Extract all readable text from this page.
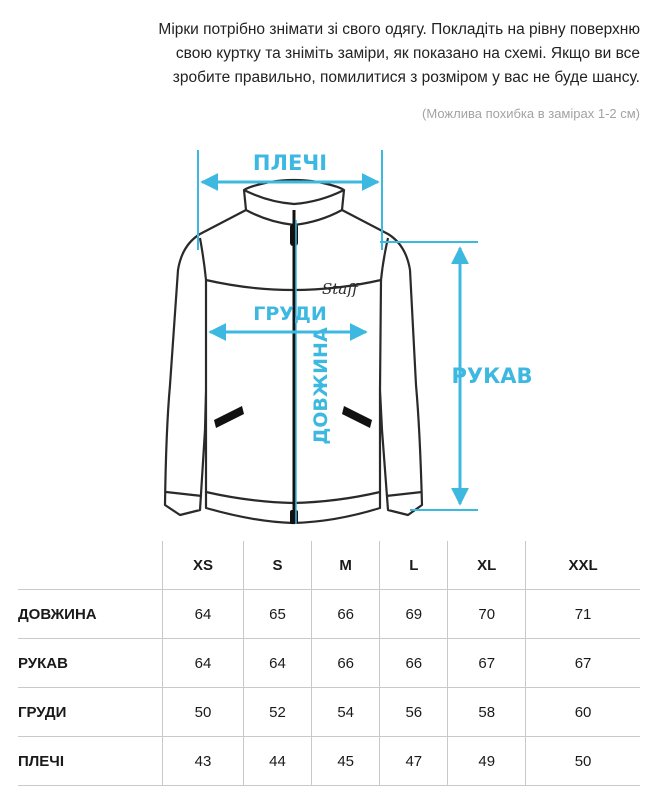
Мірки потрібно знімати зі свого одягу. Покладіть на рівну поверхню
свою куртку та зніміть заміри, як показано на схемі. Якщо ви все
зробите правильно, помилитися з розміром у вас не буде шансу.
(Можлива похибка в замірах 1-2 см)
Staff
ПЛЕЧІ
ГРУДИ
ДОВЖИНА	РУКАВ
	XS	S	M	L	XL	XXL
ДОВЖИНА	64	65	66	69	70	71
РУКАВ	64	64	66	66	67	67
ГРУДИ	50	52	54	56	58	60
ПЛЕЧІ	43	44	45	47	49	50
